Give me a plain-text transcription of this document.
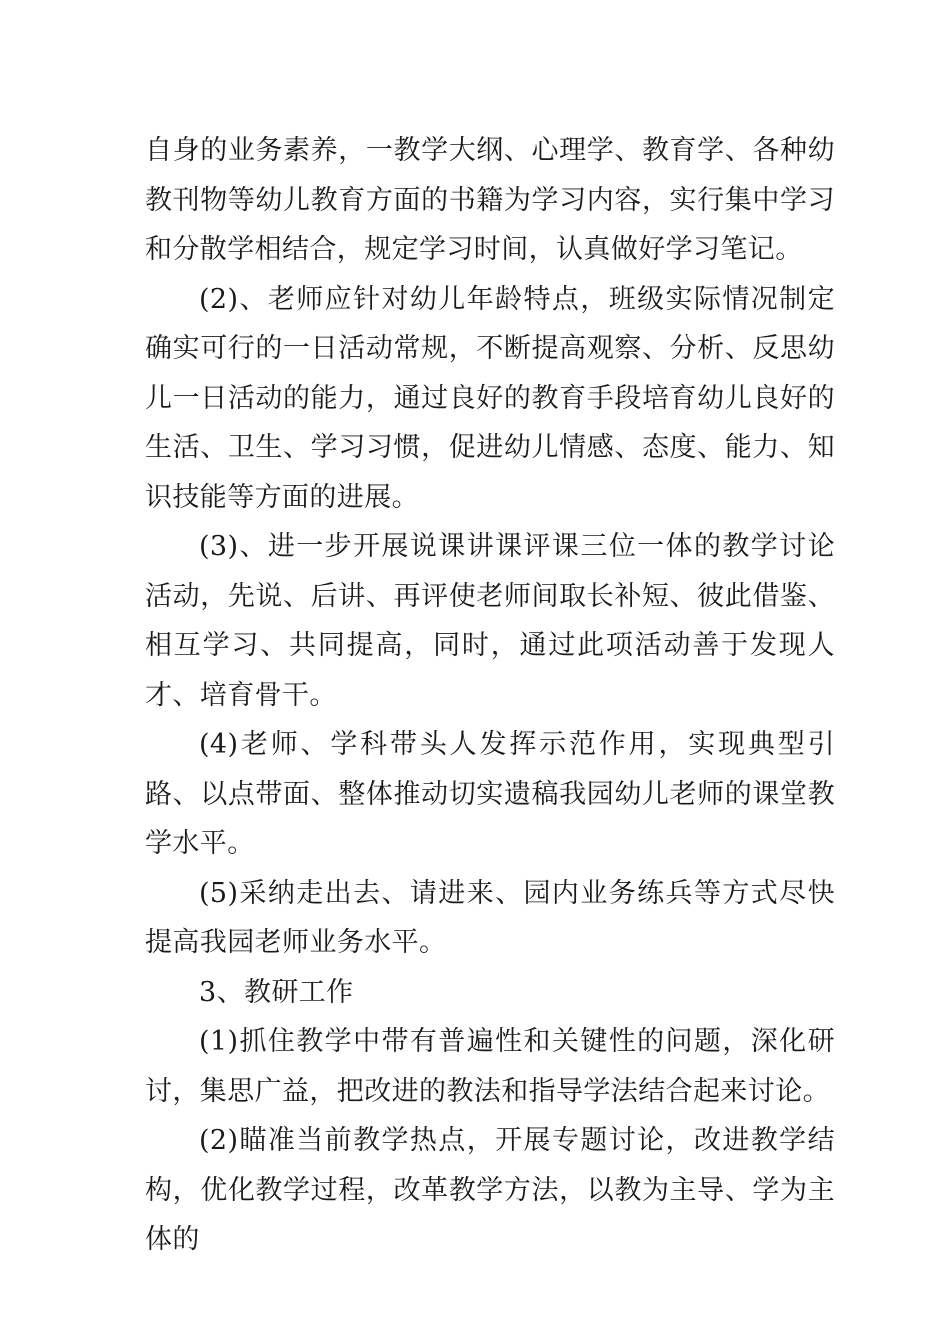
自身的业务素养，一教学大纲、心理学、教育学、各种幼教刊物等幼儿教育方面的书籍为学习内容，实行集中学习和分散学相结合，规定学习时间，认真做好学习笔记。

(2)、老师应针对幼儿年龄特点，班级实际情况制定确实可行的一日活动常规，不断提高观察、分析、反思幼儿一日活动的能力，通过良好的教育手段培育幼儿良好的生活、卫生、学习习惯，促进幼儿情感、态度、能力、知识技能等方面的进展。

(3)、进一步开展说课讲课评课三位一体的教学讨论活动，先说、后讲、再评使老师间取长补短、彼此借鉴、相互学习、共同提高，同时，通过此项活动善于发现人才、培育骨干。

(4)老师、学科带头人发挥示范作用，实现典型引路、以点带面、整体推动切实遗稿我园幼儿老师的课堂教学水平。

(5)采纳走出去、请进来、园内业务练兵等方式尽快提高我园老师业务水平。

3、教研工作

(1)抓住教学中带有普遍性和关键性的问题，深化研讨，集思广益，把改进的教法和指导学法结合起来讨论。

(2)瞄准当前教学热点，开展专题讨论，改进教学结构，优化教学过程，改革教学方法，以教为主导、学为主体的
